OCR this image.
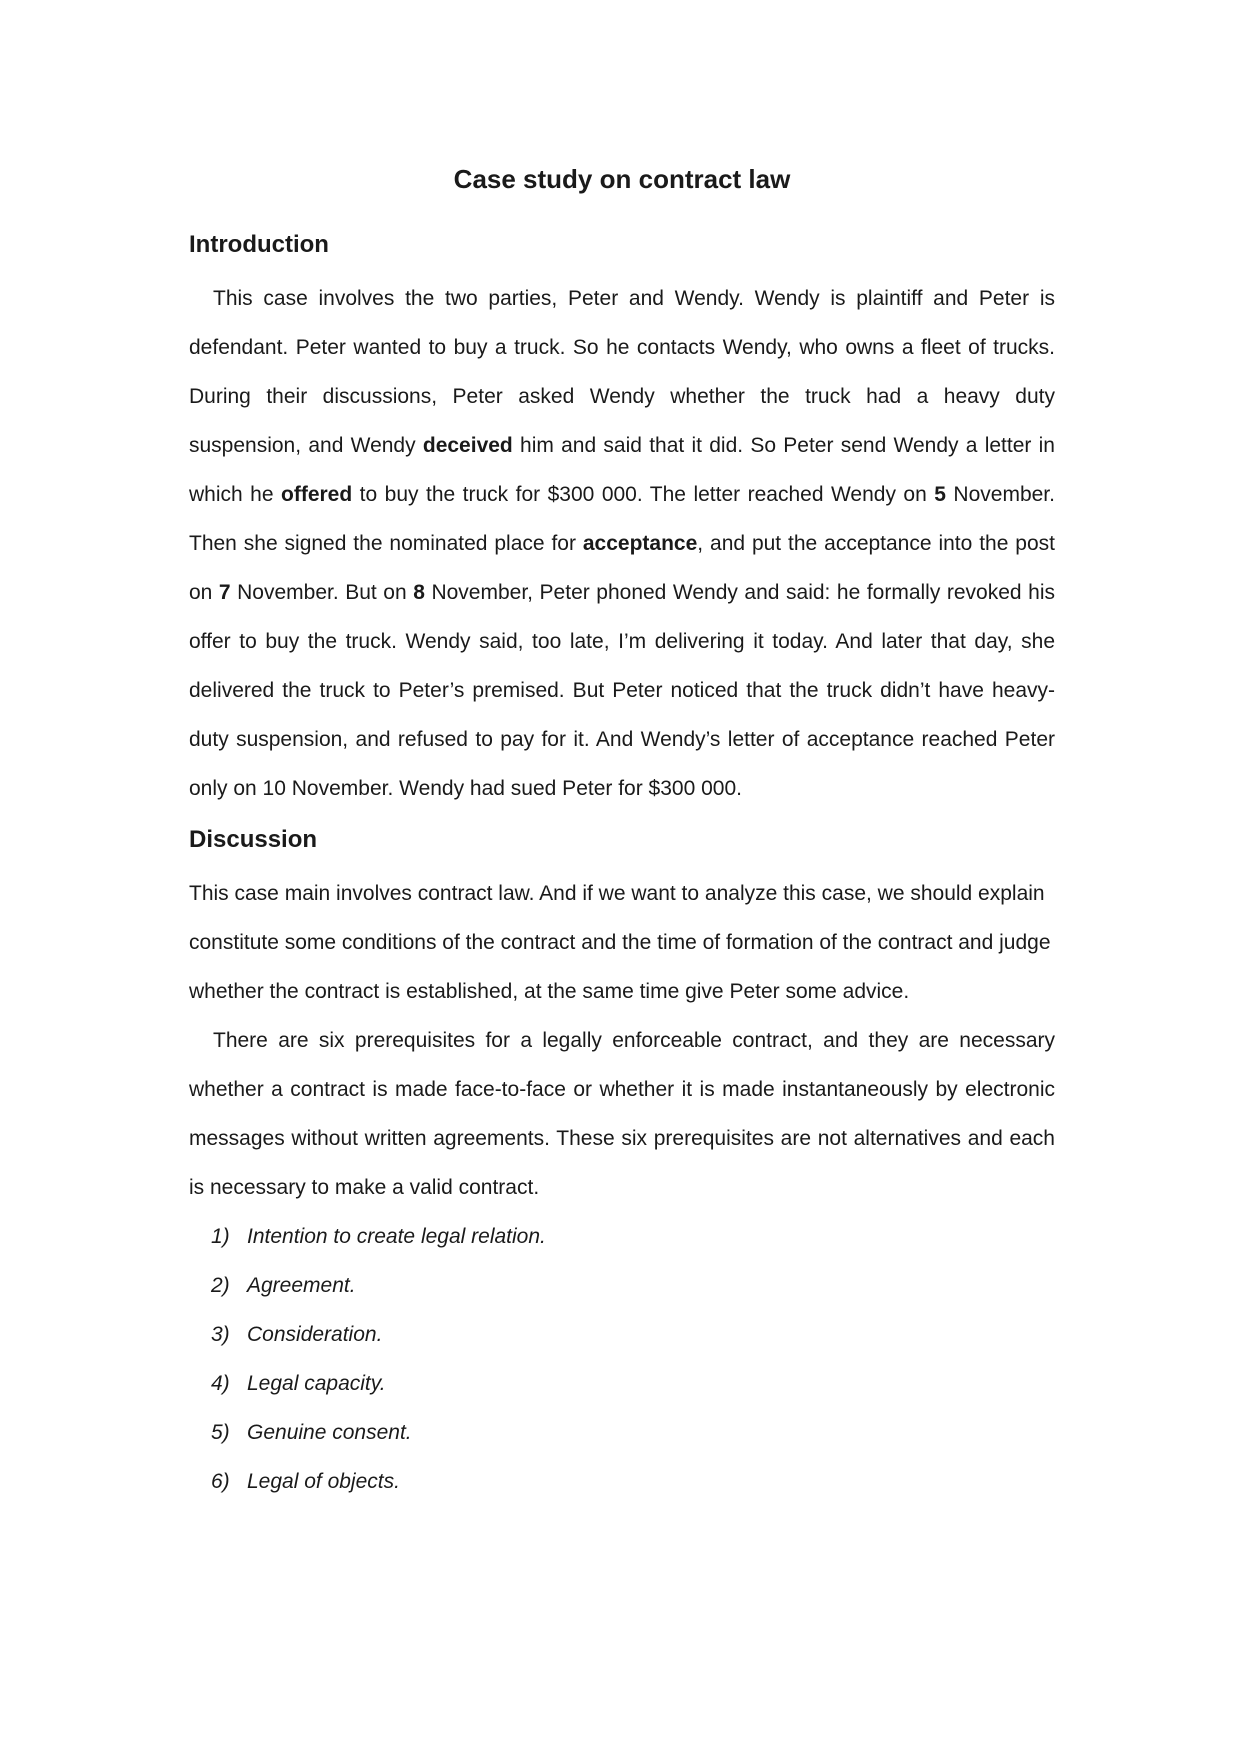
Case study on contract law
Introduction

This case involves the two parties, Peter and Wendy. Wendy is plaintiff and Peter is defendant. Peter wanted to buy a truck. So he contacts Wendy, who owns a fleet of trucks. During their discussions, Peter asked Wendy whether the truck had a heavy duty suspension, and Wendy deceived him and said that it did. So Peter send Wendy a letter in which he offered to buy the truck for $300 000. The letter reached Wendy on 5 November. Then she signed the nominated place for acceptance, and put the acceptance into the post on 7 November. But on 8 November, Peter phoned Wendy and said: he formally revoked his offer to buy the truck. Wendy said, too late, I’m delivering it today. And later that day, she delivered the truck to Peter’s premised. But Peter noticed that the truck didn’t have heavy-duty suspension, and refused to pay for it. And Wendy’s letter of acceptance reached Peter only on 10 November. Wendy had sued Peter for $300 000.

Discussion

This case main involves contract law. And if we want to analyze this case, we should explain constitute some conditions of the contract and the time of formation of the contract and judge whether the contract is established, at the same time give Peter some advice.

There are six prerequisites for a legally enforceable contract, and they are necessary whether a contract is made face-to-face or whether it is made instantaneously by electronic messages without written agreements. These six prerequisites are not alternatives and each is necessary to make a valid contract.

1) Intention to create legal relation.
2) Agreement.
3) Consideration.
4) Legal capacity.
5) Genuine consent.
6) Legal of objects.
